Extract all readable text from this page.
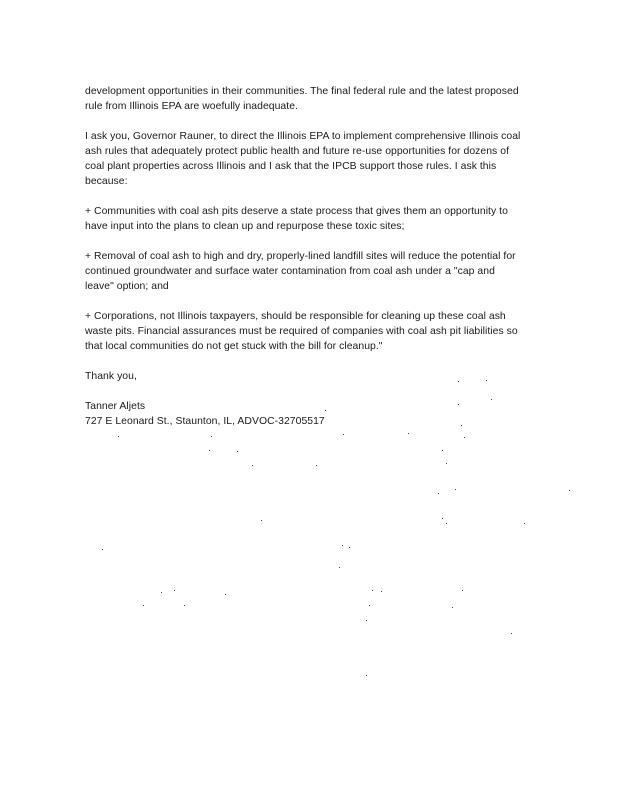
development opportunities in their communities. The final federal rule and the latest proposed
rule from Illinois EPA are woefully inadequate.

I ask you, Governor Rauner, to direct the Illinois EPA to implement comprehensive Illinois coal
ash rules that adequately protect public health and future re-use opportunities for dozens of
coal plant properties across Illinois and I ask that the IPCB support those rules. I ask this
because:

+ Communities with coal ash pits deserve a state process that gives them an opportunity to
have input into the plans to clean up and repurpose these toxic sites;

+ Removal of coal ash to high and dry, properly-lined landfill sites will reduce the potential for
continued groundwater and surface water contamination from coal ash under a "cap and
leave" option; and

+ Corporations, not Illinois taxpayers, should be responsible for cleaning up these coal ash
waste pits. Financial assurances must be required of companies with coal ash pit liabilities so
that local communities do not get stuck with the bill for cleanup."

Thank you,

Tanner Aljets
727 E Leonard St., Staunton, IL, ADVOC-32705517
